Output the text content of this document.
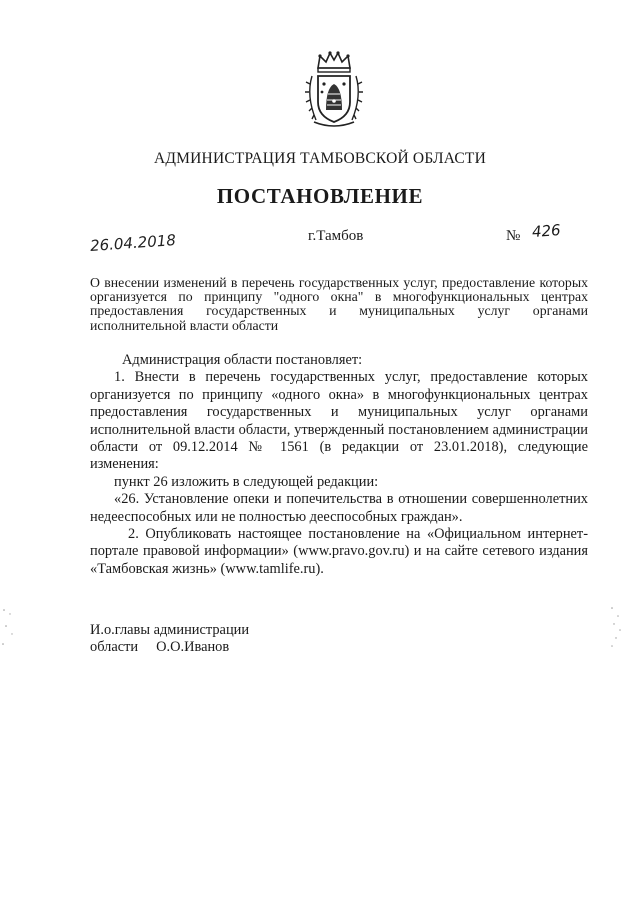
АДМИНИСТРАЦИЯ ТАМБОВСКОЙ ОБЛАСТИ
ПОСТАНОВЛЕНИЕ
26.04.2018	г.Тамбов	№ 426
О внесении изменений в перечень государственных услуг, предоставление которых организуется по принципу "одного окна" в многофункциональных центрах предоставления государственных и муниципальных услуг органами исполнительной власти области

Администрация области постановляет:

1. Внести в перечень государственных услуг, предоставление которых организуется по принципу «одного окна» в многофункциональных центрах предоставления государственных и муниципальных услуг органами исполнительной власти области, утвержденный постановлением администрации области от 09.12.2014 № 1561 (в редакции от 23.01.2018), следующие изменения:

пункт 26 изложить в следующей редакции:

«26. Установление опеки и попечительства в отношении совершеннолетних недееспособных или не полностью дееспособных граждан».

2. Опубликовать настоящее постановление на «Официальном интернет-портале правовой информации» (www.pravo.gov.ru) и на сайте сетевого издания «Тамбовская жизнь» (www.tamlife.ru).

И.о.главы администрации
области     О.О.Иванов
